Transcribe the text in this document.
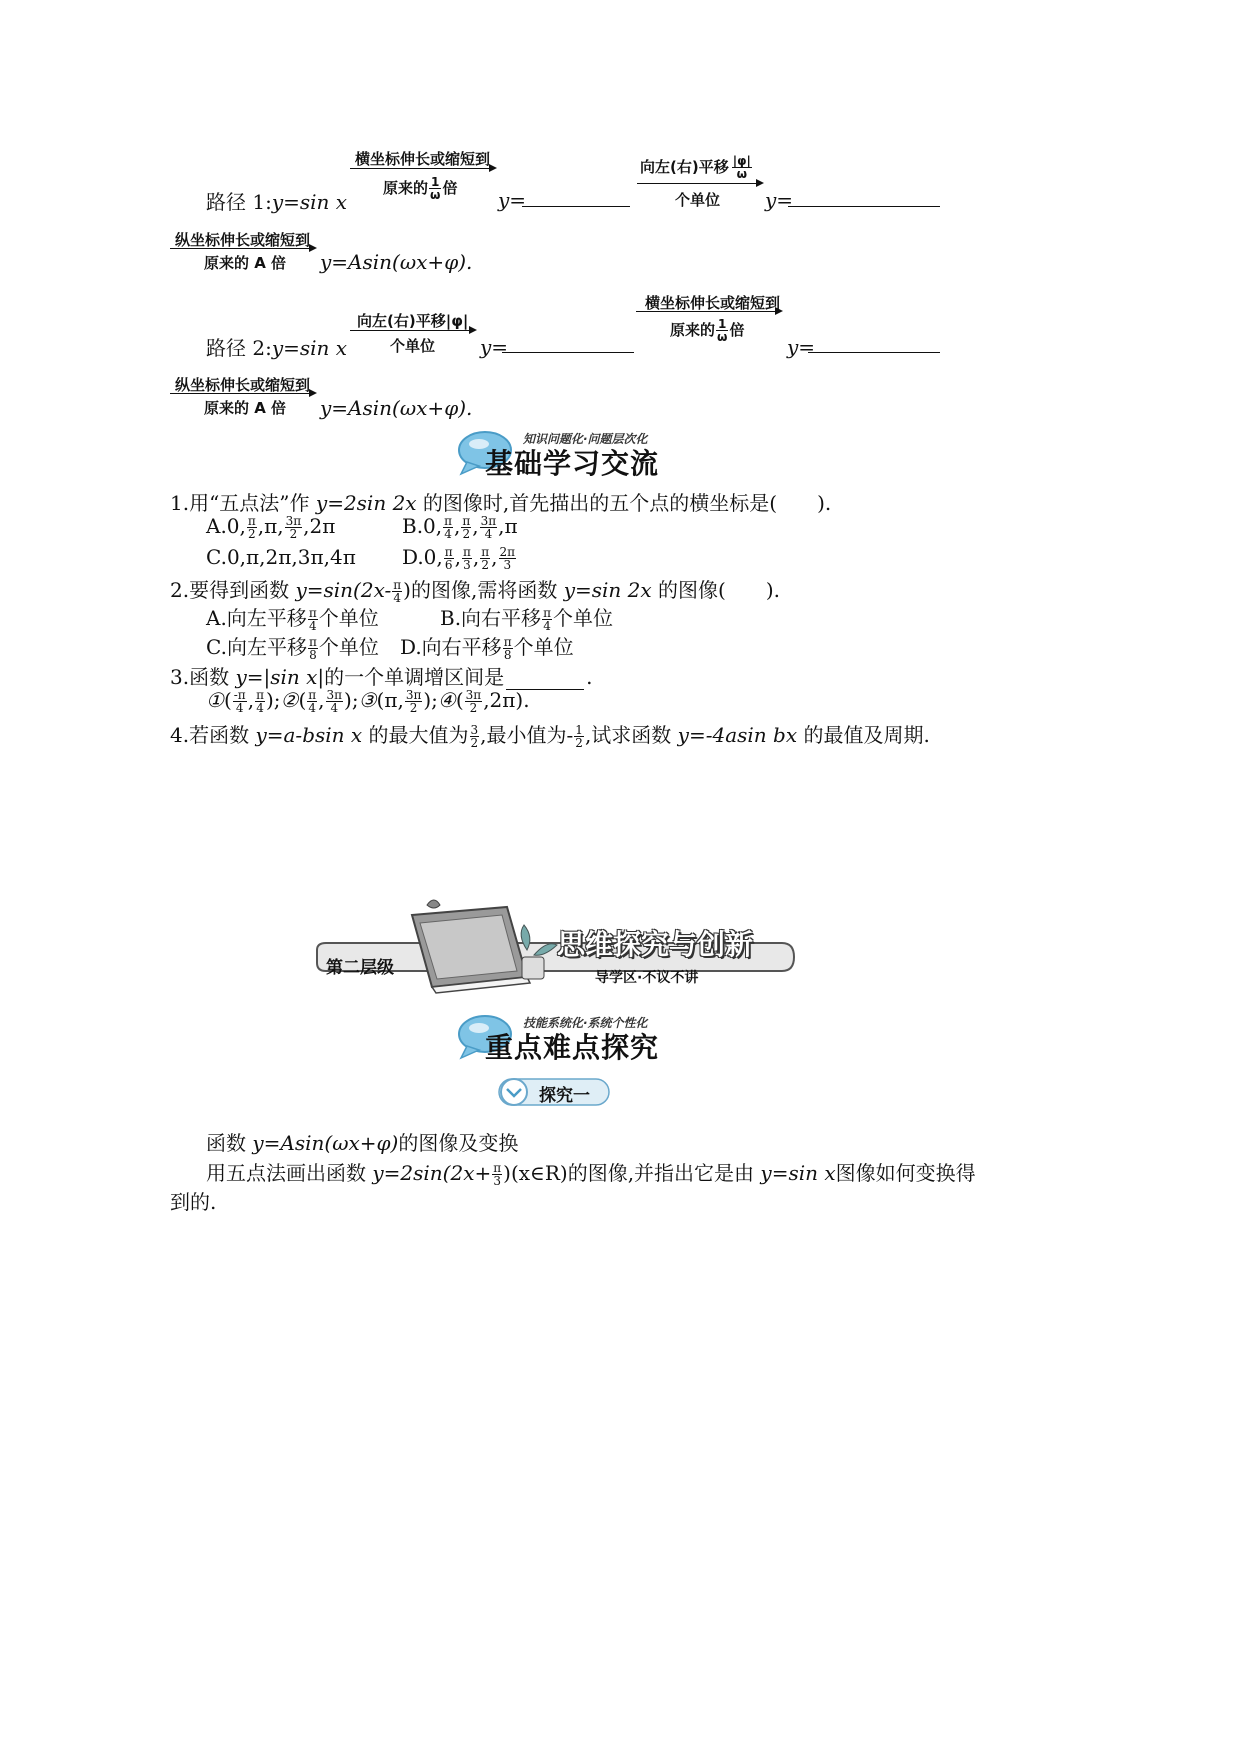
横坐标伸长或缩短到
原来的 $\frac{1}{\omega}$ 倍
向左(右)平移 $\frac{|\varphi|}{\omega}$
个单位
路径 1:y=sin x	y=	y=
纵坐标伸长或缩短到
原来的 A 倍 y=Asin(ωx+φ).
横坐标伸长或缩短到
原来的 $\frac{1}{\omega}$ 倍
向左(右)平移|φ|
个单位
路径 2:y=sin x	y=	y=
纵坐标伸长或缩短到
原来的 A 倍 y=Asin(ωx+φ).
知识问题化·问题层次化
基础学习交流
1.用“五点法”作 y=2sin 2x 的图像时,首先描出的五个点的横坐标是(　　).
A.0, $\frac{\pi}{2} ,\pi$, $\frac{3\pi}{2} ,2\pi$	B.0, $\frac{\pi}{4}$ , $\frac{\pi}{2}$ , $\frac{3\pi}{4} ,\pi$
C.0,π,2π,3π,4π D.0, $\frac{\pi}{6}$ , $\frac{\pi}{3}$ , $\frac{\pi}{2}$ , $\frac{2\pi}{3}$
2.要得到函数 $y=\sin(2x- \frac{\pi}{4}$ )的图像,需将函数 y=sin 2x 的图像(　　).
A.向左平移 $\frac{\pi}{4}$ 个单位	B.向右平移 $\frac{\pi}{4}$ 个单位
C.向左平移 $\frac{\pi}{8}$ 个单位 D.向右平移 $\frac{\pi}{8}$ 个单位
3.函数 y=|sin x|的一个单调增区间是	.
①( $\frac{-\pi}{4}$ , $\frac{\pi}{4}$ );②( $\frac{\pi}{4}$ , $\frac{3\pi}{4}$ );③(π, $\frac{3\pi}{2}$ );④( $\frac{3\pi}{2} ,2\pi$).
4.若函数 y=a-bsin x 的最大值为 $\frac{3}{2}$ ,最小值为- $\frac{1}{2}$ ,试求函数 y=-4asin bx 的最值及周期.
第二层级
思维探究与创新
导学区·不议不讲
技能系统化·系统个性化
重点难点探究
探究一
函数 y=Asin(ωx+φ)的图像及变换
用五点法画出函数 $y=2\sin(2x+ \frac{\pi}{3}$ )(x∈R)的图像,并指出它是由 y=sin x图像如何变换得
到的.
